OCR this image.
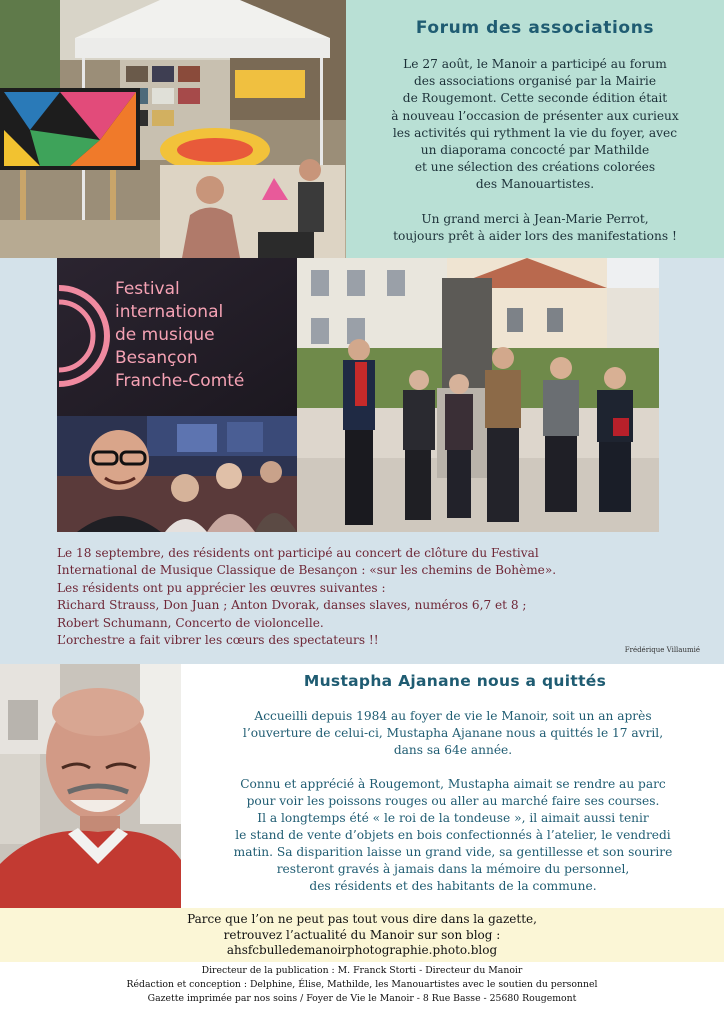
Forum des associations

Le 27 août, le Manoir a participé au forum

des associations organisé par la Mairie

de Rougemont. Cette seconde édition était

à nouveau l’occasion de présenter aux curieux

les activités qui rythment la vie du foyer, avec

un diaporama concocté par Mathilde

et une sélection des créations colorées

des Manouartistes.

Un grand merci à Jean-Marie Perrot,

toujours prêt à aider lors des manifestations !

Festival
international
de musique
Besançon
Franche-Comté

Le 18 septembre, des résidents ont participé au concert de clôture du Festival

International de Musique Classique de Besançon : «sur les chemins de Bohème».

Les résidents ont pu apprécier les œuvres suivantes :

Richard Strauss, Don Juan ; Anton Dvorak, danses slaves, numéros 6,7 et 8 ;

Robert Schumann, Concerto de violoncelle.

L’orchestre a fait vibrer les cœurs des spectateurs !!

Frédérique Villaumié
Mustapha Ajanane nous a quittés

Accueilli depuis 1984 au foyer de vie le Manoir, soit un an après

l’ouverture de celui-ci, Mustapha Ajanane nous a quittés le 17 avril,

dans sa 64e année.

Connu et apprécié à Rougemont, Mustapha aimait se rendre au parc

pour voir les poissons rouges ou aller au marché faire ses courses.

Il a longtemps été « le roi de la tondeuse », il aimait aussi tenir

le stand de vente d’objets en bois confectionnés à l’atelier, le vendredi

matin. Sa disparition laisse un grand vide, sa gentillesse et son sourire

resteront gravés à jamais dans la mémoire du personnel,

des résidents et des habitants de la commune.

Parce que l’on ne peut pas tout vous dire dans la gazette,

retrouvez l’actualité du Manoir sur son blog :

ahsfcbulledemanoirphotographie.photo.blog

Directeur de la publication : M. Franck Storti - Directeur du Manoir

Rédaction et conception : Delphine, Élise, Mathilde, les Manouartistes avec le soutien du personnel

Gazette imprimée par nos soins / Foyer de Vie le Manoir - 8 Rue Basse - 25680 Rougemont
